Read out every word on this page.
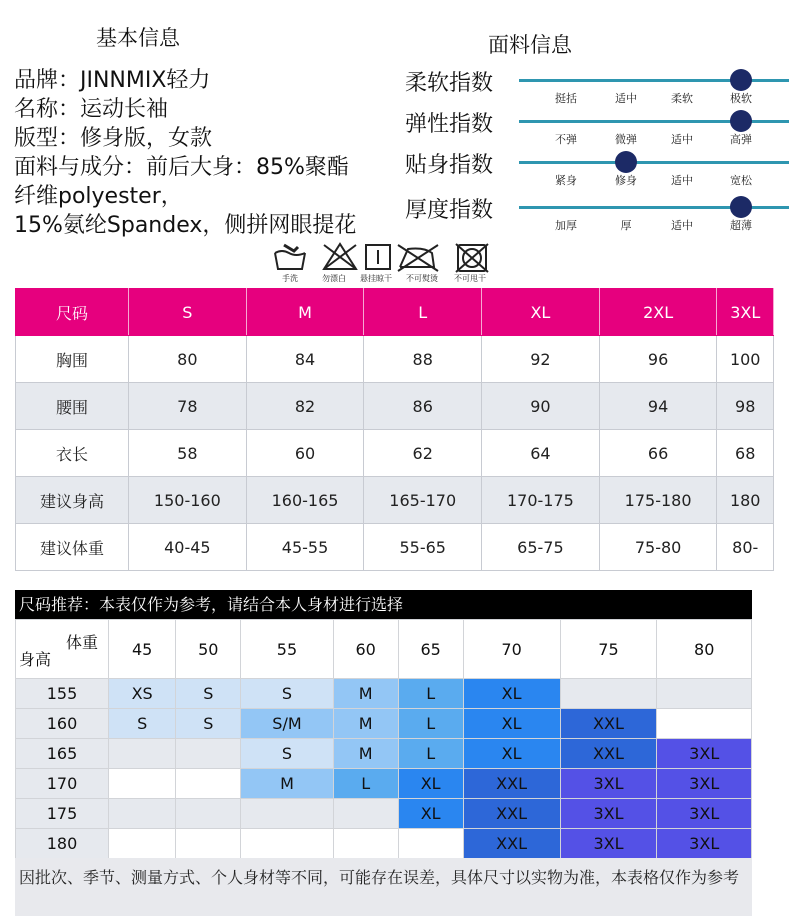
基本信息
品牌：JINNMIX轻力
名称：运动长袖
版型：修身版，女款
面料与成分：前后大身：85%聚酯
纤维polyester，
15%氨纶Spandex，侧拼网眼提花
面料信息
柔软指数
挺括	适中	柔软	极软
弹性指数
不弹	微弹	适中	高弹
贴身指数
紧身	修身	适中	宽松
厚度指数
加厚	厚	适中	超薄
手洗	勿漂白 悬挂晾干 不可熨烫 不可甩干
尺码	S	M	L	XL	2XL	3XL
胸围	80	84	88	92	96	100
腰围	78	82	86	90	94	98
衣长	58	60	62	64	66	68
建议身高	150-160	160-165	165-170	170-175	175-180	180
建议体重	40-45	45-55	55-65	65-75	75-80	80-
尺码推荐：本表仅作为参考，请结合本人身材进行选择
体重
身高	45	50	55	60	65	70	75	80
155	XS	S	S	M	L	XL		
160	S	S	S/M	M	L	XL	XXL	
165			S	M	L	XL	XXL	3XL
170			M	L	XL	XXL	3XL	3XL
175					XL	XXL	3XL	3XL
180						XXL	3XL	3XL
因批次、季节、测量方式、个人身材等不同，可能存在误差，具体尺寸以实物为准，本表格仅作为参考
